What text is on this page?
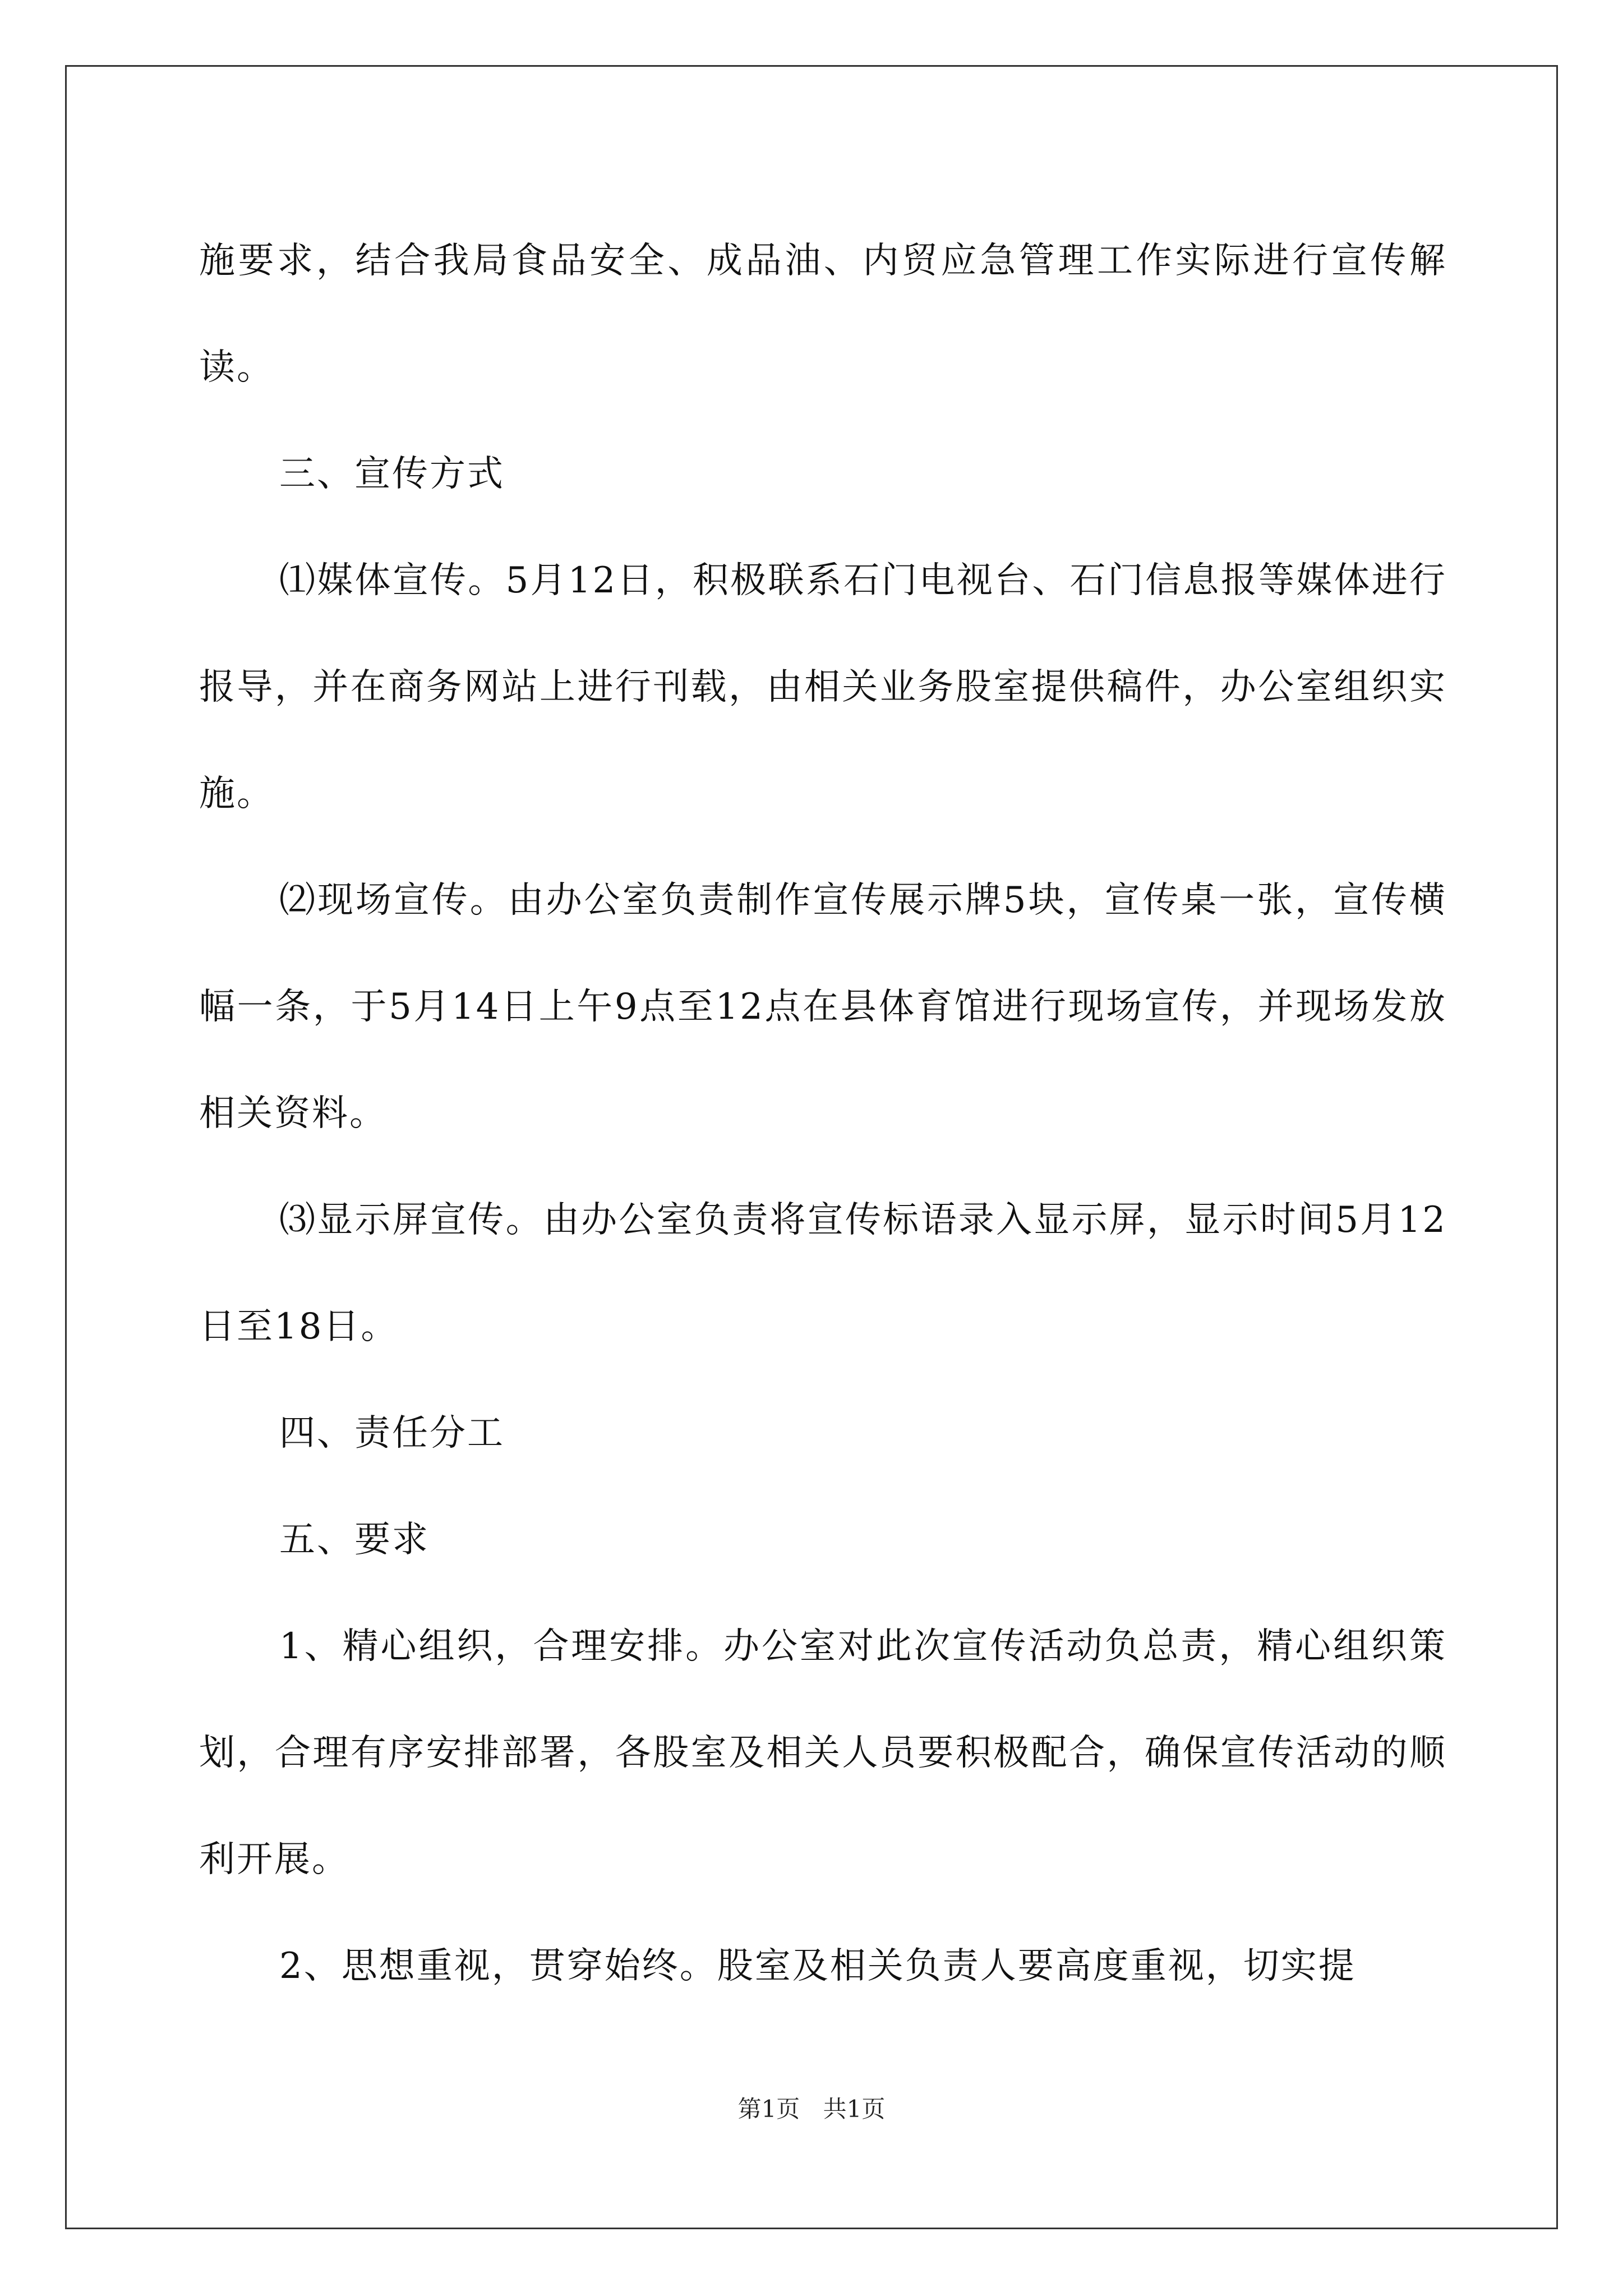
施要求，结合我局食品安全、成品油、内贸应急管理工作实际进行宣传解读。

三、宣传方式

⑴媒体宣传。5月12日，积极联系石门电视台、石门信息报等媒体进行报导，并在商务网站上进行刊载，由相关业务股室提供稿件，办公室组织实施。

⑵现场宣传。由办公室负责制作宣传展示牌5块，宣传桌一张，宣传横幅一条，于5月14日上午9点至12点在县体育馆进行现场宣传，并现场发放相关资料。

⑶显示屏宣传。由办公室负责将宣传标语录入显示屏，显示时间5月12日至18日。

四、责任分工

五、要求

1、精心组织，合理安排。办公室对此次宣传活动负总责，精心组织策划，合理有序安排部署，各股室及相关人员要积极配合，确保宣传活动的顺利开展。

2、思想重视，贯穿始终。股室及相关负责人要高度重视，切实提

第1页 共1页
